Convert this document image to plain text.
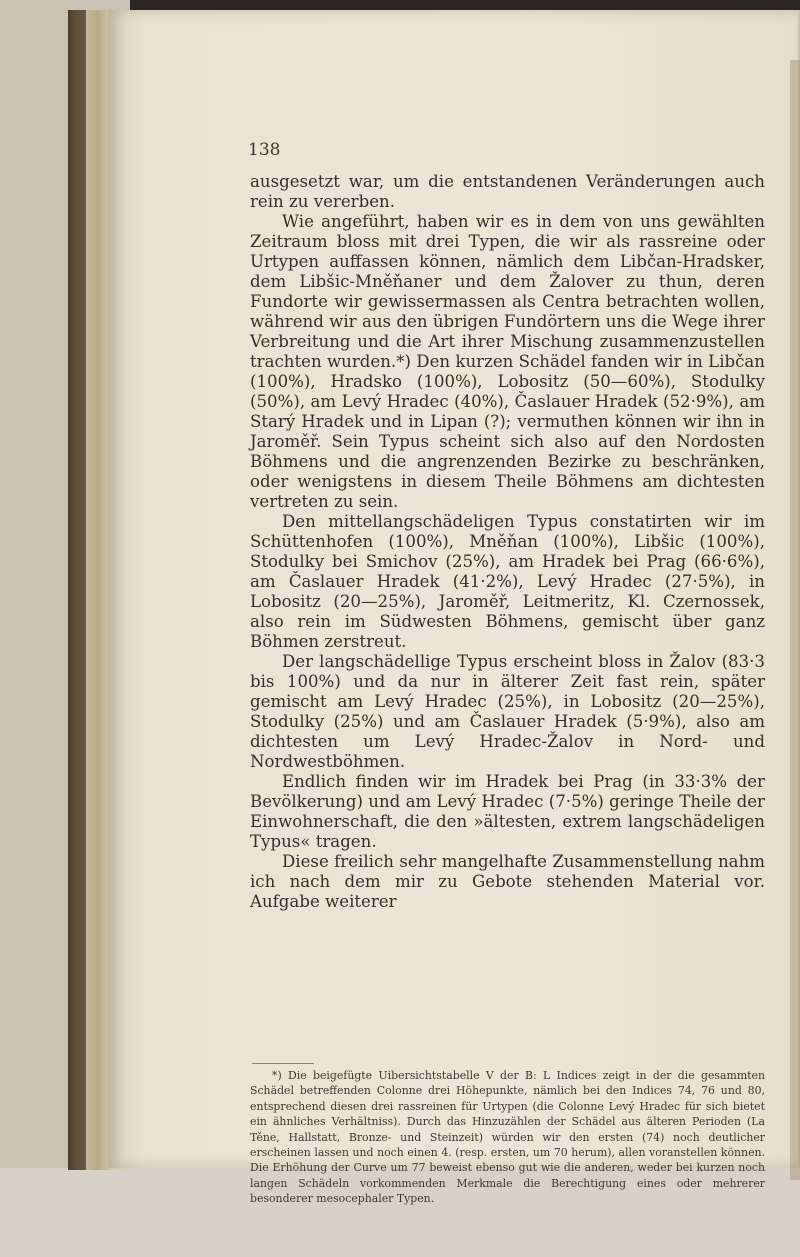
138

ausgesetzt war, um die entstandenen Veränderungen auch rein zu vererben.

Wie angeführt, haben wir es in dem von uns gewählten Zeitraum bloss mit drei Typen, die wir als rassreine oder Urtypen auffassen können, nämlich dem Libčan-Hradsker, dem Libšic-Mněňaner und dem Žalover zu thun, deren Fundorte wir gewissermassen als Centra betrachten wollen, während wir aus den übrigen Fundörtern uns die Wege ihrer Verbreitung und die Art ihrer Mischung zusammenzustellen trachten wurden.*) Den kurzen Schädel fanden wir in Libčan (100%), Hradsko (100%), Lobositz (50—60%), Stodulky (50%), am Levý Hradec (40%), Časlauer Hradek (52·9%), am Starý Hradek und in Lipan (?); vermuthen können wir ihn in Jaroměř. Sein Typus scheint sich also auf den Nordosten Böhmens und die angrenzenden Bezirke zu beschränken, oder wenigstens in diesem Theile Böhmens am dichtesten vertreten zu sein.

Den mittellangschädeligen Typus constatirten wir im Schüttenhofen (100%), Mněňan (100%), Libšic (100%), Stodulky bei Smichov (25%), am Hradek bei Prag (66·6%), am Časlauer Hradek (41·2%), Levý Hradec (27·5%), in Lobositz (20—25%), Jaroměř, Leitmeritz, Kl. Czernossek, also rein im Südwesten Böhmens, gemischt über ganz Böhmen zerstreut.

Der langschädellige Typus erscheint bloss in Žalov (83·3 bis 100%) und da nur in älterer Zeit fast rein, später gemischt am Levý Hradec (25%), in Lobositz (20—25%), Stodulky (25%) und am Časlauer Hradek (5·9%), also am dichtesten um Levý Hradec-Žalov in Nord- und Nordwestböhmen.

Endlich finden wir im Hradek bei Prag (in 33·3% der Bevölkerung) und am Levý Hradec (7·5%) geringe Theile der Einwohnerschaft, die den »ältesten, extrem langschädeligen Typus« tragen.

Diese freilich sehr mangelhafte Zusammenstellung nahm ich nach dem mir zu Gebote stehenden Material vor. Aufgabe weiterer

*) Die beigefügte Uibersichtstabelle V der B: L Indices zeigt in der die gesammten Schädel betreffenden Colonne drei Höhepunkte, nämlich bei den Indices 74, 76 und 80, entsprechend diesen drei rassreinen für Urtypen (die Colonne Levý Hradec für sich bietet ein ähnliches Verhältniss). Durch das Hinzuzählen der Schädel aus älteren Perioden (La Těne, Hallstatt, Bronze- und Steinzeit) würden wir den ersten (74) noch deutlicher erscheinen lassen und noch einen 4. (resp. ersten, um 70 herum), allen voranstellen können. Die Erhöhung der Curve um 77 beweist ebenso gut wie die anderen, weder bei kurzen noch langen Schädeln vorkommenden Merkmale die Berechtigung eines oder mehrerer besonderer mesocephaler Typen.
